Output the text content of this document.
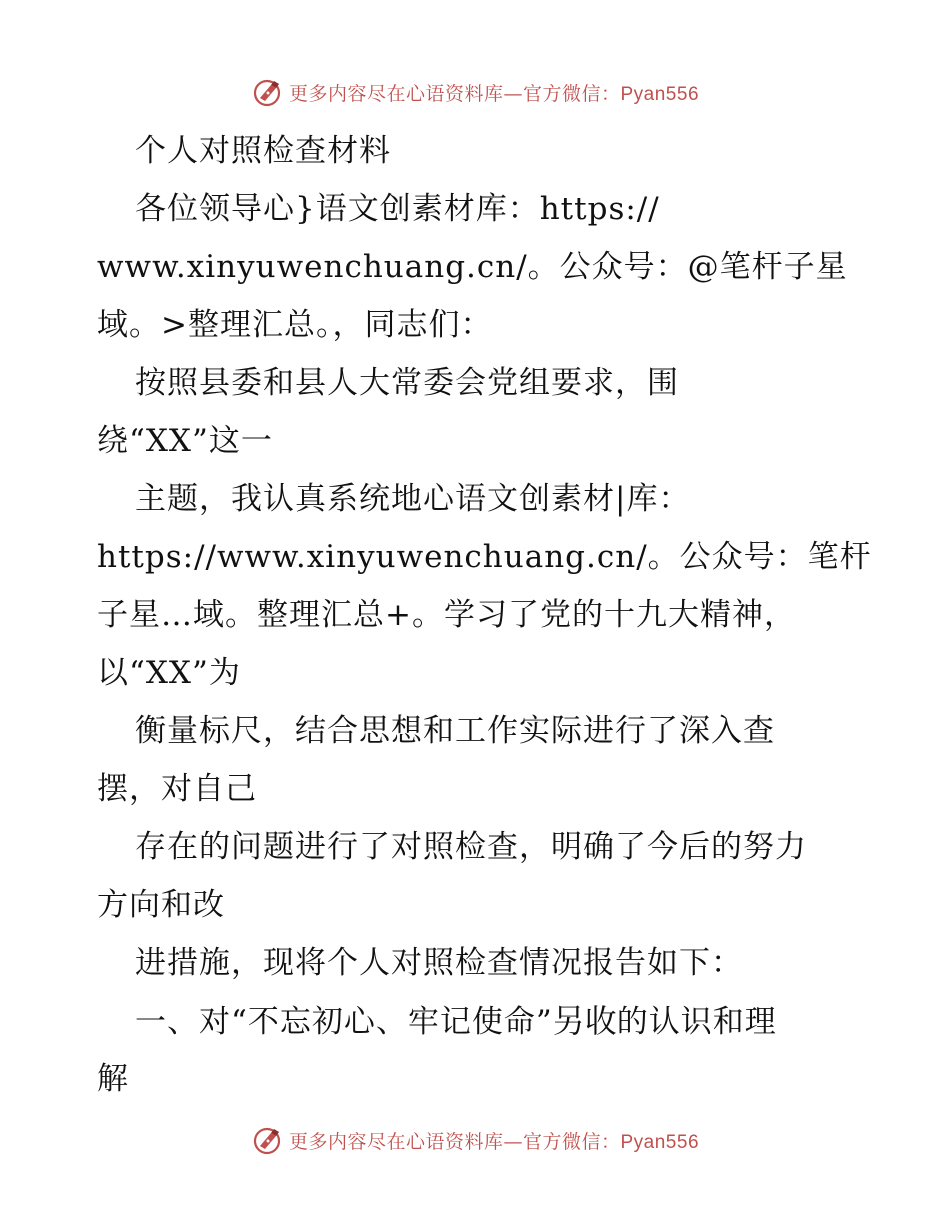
更多内容尽在心语资料库—官方微信：Pyan556
个人对照检查材料
各位领导心}语文创素材库：https://
www.xinyuwenchuang.cn/。公众号：@笔杆子星
域。>整理汇总。，同志们：
按照县委和县人大常委会党组要求，围
绕“XX”这一
主题，我认真系统地心语文创素材|库：
https://www.xinyuwenchuang.cn/。公众号：笔杆
子星…域。整理汇总+。学习了党的十九大精神，
以“XX”为
衡量标尺，结合思想和工作实际进行了深入查
摆，对自己
存在的问题进行了对照检查，明确了今后的努力
方向和改
进措施，现将个人对照检查情况报告如下：
一、对“不忘初心、牢记使命”另收的认识和理
解
更多内容尽在心语资料库—官方微信：Pyan556
